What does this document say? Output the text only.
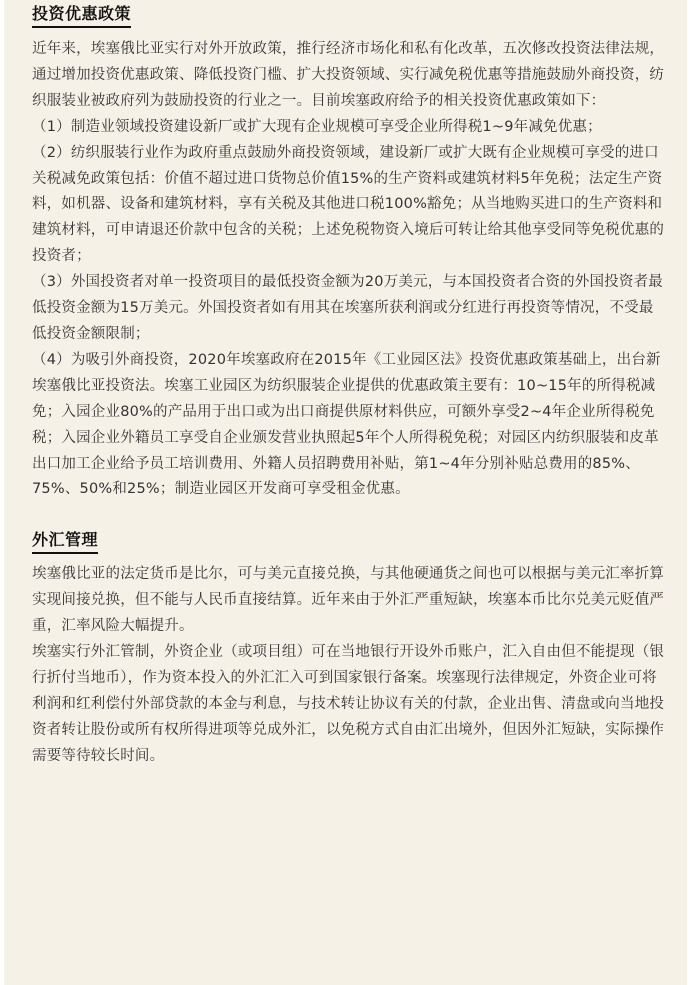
投资优惠政策

近年来，埃塞俄比亚实行对外开放政策，推行经济市场化和私有化改革，五次修改投资法律法规，通过增加投资优惠政策、降低投资门槛、扩大投资领域、实行减免税优惠等措施鼓励外商投资，纺织服装业被政府列为鼓励投资的行业之一。目前埃塞政府给予的相关投资优惠政策如下：

（1）制造业领域投资建设新厂或扩大现有企业规模可享受企业所得税1~9年减免优惠；

（2）纺织服装行业作为政府重点鼓励外商投资领域，建设新厂或扩大既有企业规模可享受的进口关税减免政策包括：价值不超过进口货物总价值15%的生产资料或建筑材料5年免税；法定生产资料，如机器、设备和建筑材料，享有关税及其他进口税100%豁免；从当地购买进口的生产资料和建筑材料，可申请退还价款中包含的关税；上述免税物资入境后可转让给其他享受同等免税优惠的投资者；

（3）外国投资者对单一投资项目的最低投资金额为20万美元，与本国投资者合资的外国投资者最低投资金额为15万美元。外国投资者如有用其在埃塞所获利润或分红进行再投资等情况，不受最低投资金额限制；

（4）为吸引外商投资，2020年埃塞政府在2015年《工业园区法》投资优惠政策基础上，出台新埃塞俄比亚投资法。埃塞工业园区为纺织服装企业提供的优惠政策主要有：10~15年的所得税减免；入园企业80%的产品用于出口或为出口商提供原材料供应，可额外享受2~4年企业所得税免税；入园企业外籍员工享受自企业颁发营业执照起5年个人所得税免税；对园区内纺织服装和皮革出口加工企业给予员工培训费用、外籍人员招聘费用补贴，第1~4年分别补贴总费用的85%、75%、50%和25%；制造业园区开发商可享受租金优惠。

外汇管理

埃塞俄比亚的法定货币是比尔，可与美元直接兑换，与其他硬通货之间也可以根据与美元汇率折算实现间接兑换，但不能与人民币直接结算。近年来由于外汇严重短缺，埃塞本币比尔兑美元贬值严重，汇率风险大幅提升。

埃塞实行外汇管制，外资企业（或项目组）可在当地银行开设外币账户，汇入自由但不能提现（银行折付当地币），作为资本投入的外汇汇入可到国家银行备案。埃塞现行法律规定，外资企业可将利润和红利偿付外部贷款的本金与利息，与技术转让协议有关的付款，企业出售、清盘或向当地投资者转让股份或所有权所得进项等兑成外汇，以免税方式自由汇出境外，但因外汇短缺，实际操作需要等待较长时间。
